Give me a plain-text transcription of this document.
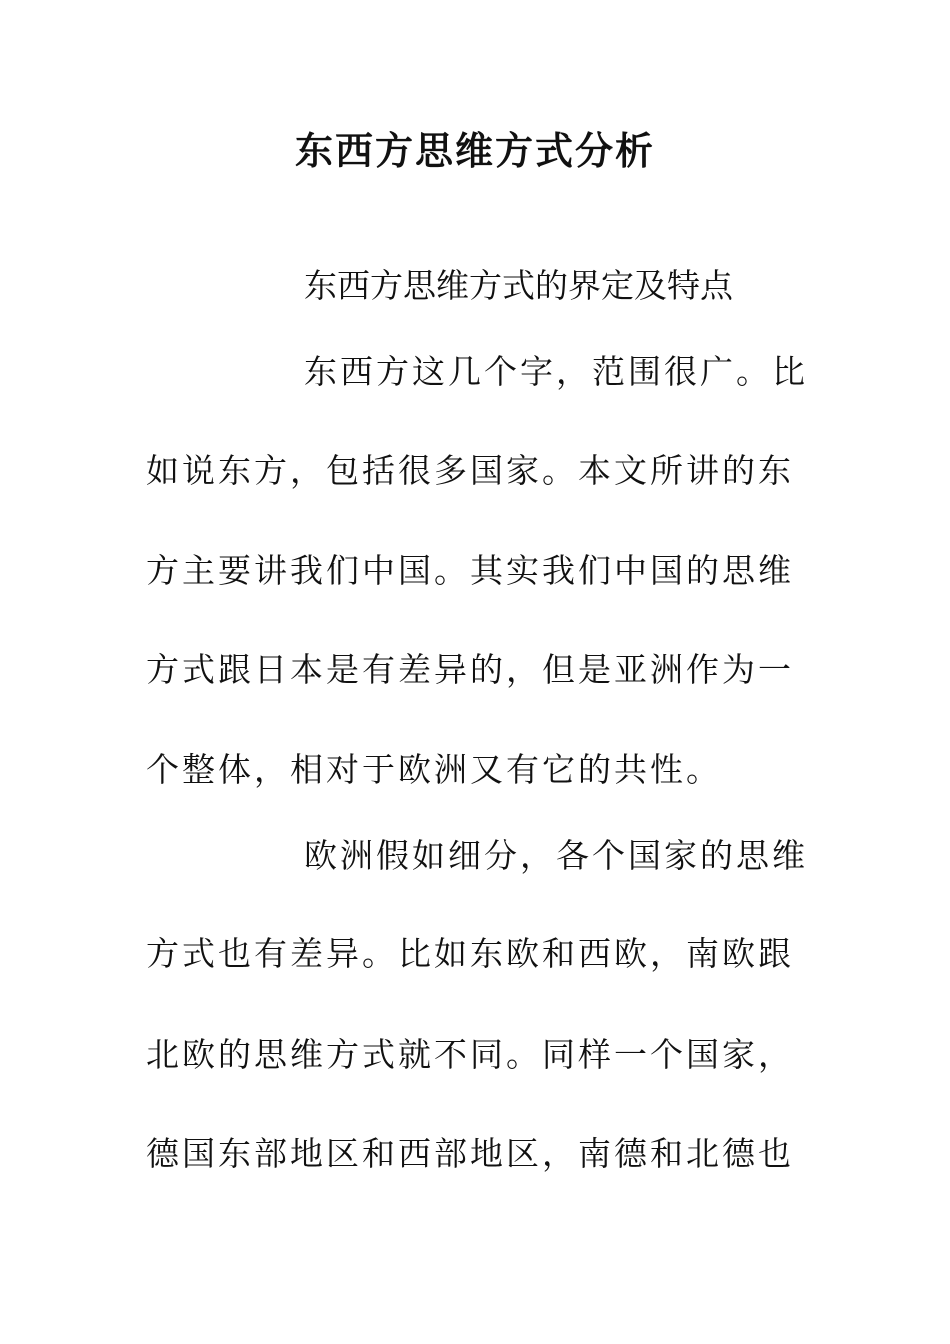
东西方思维方式分析
东西方思维方式的界定及特点
东西方这几个字，范围很广。比
如说东方，包括很多国家。本文所讲的东
方主要讲我们中国。其实我们中国的思维
方式跟日本是有差异的，但是亚洲作为一
个整体，相对于欧洲又有它的共性。
欧洲假如细分，各个国家的思维
方式也有差异。比如东欧和西欧，南欧跟
北欧的思维方式就不同。同样一个国家，
德国东部地区和西部地区，南德和北德也
